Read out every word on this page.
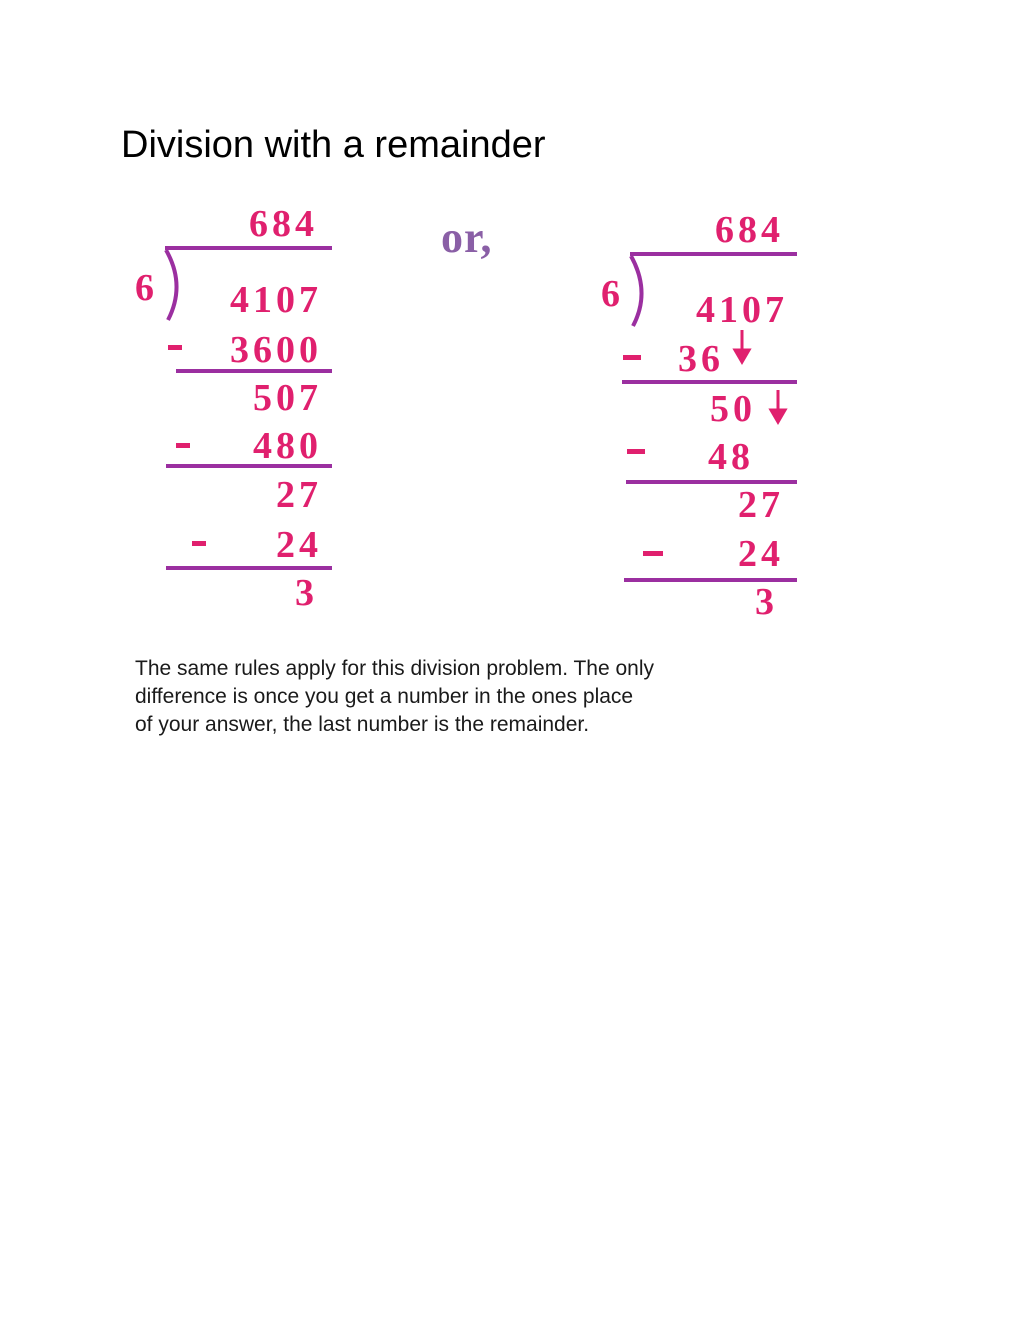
Division with a remainder
684
6 4107
3600
507
480
27
24
3
or,	684
6 4107
36
50
48
27
24
3

The same rules apply for this division problem. The only difference is once you get a number in the ones place of your answer, the last number is the remainder.
